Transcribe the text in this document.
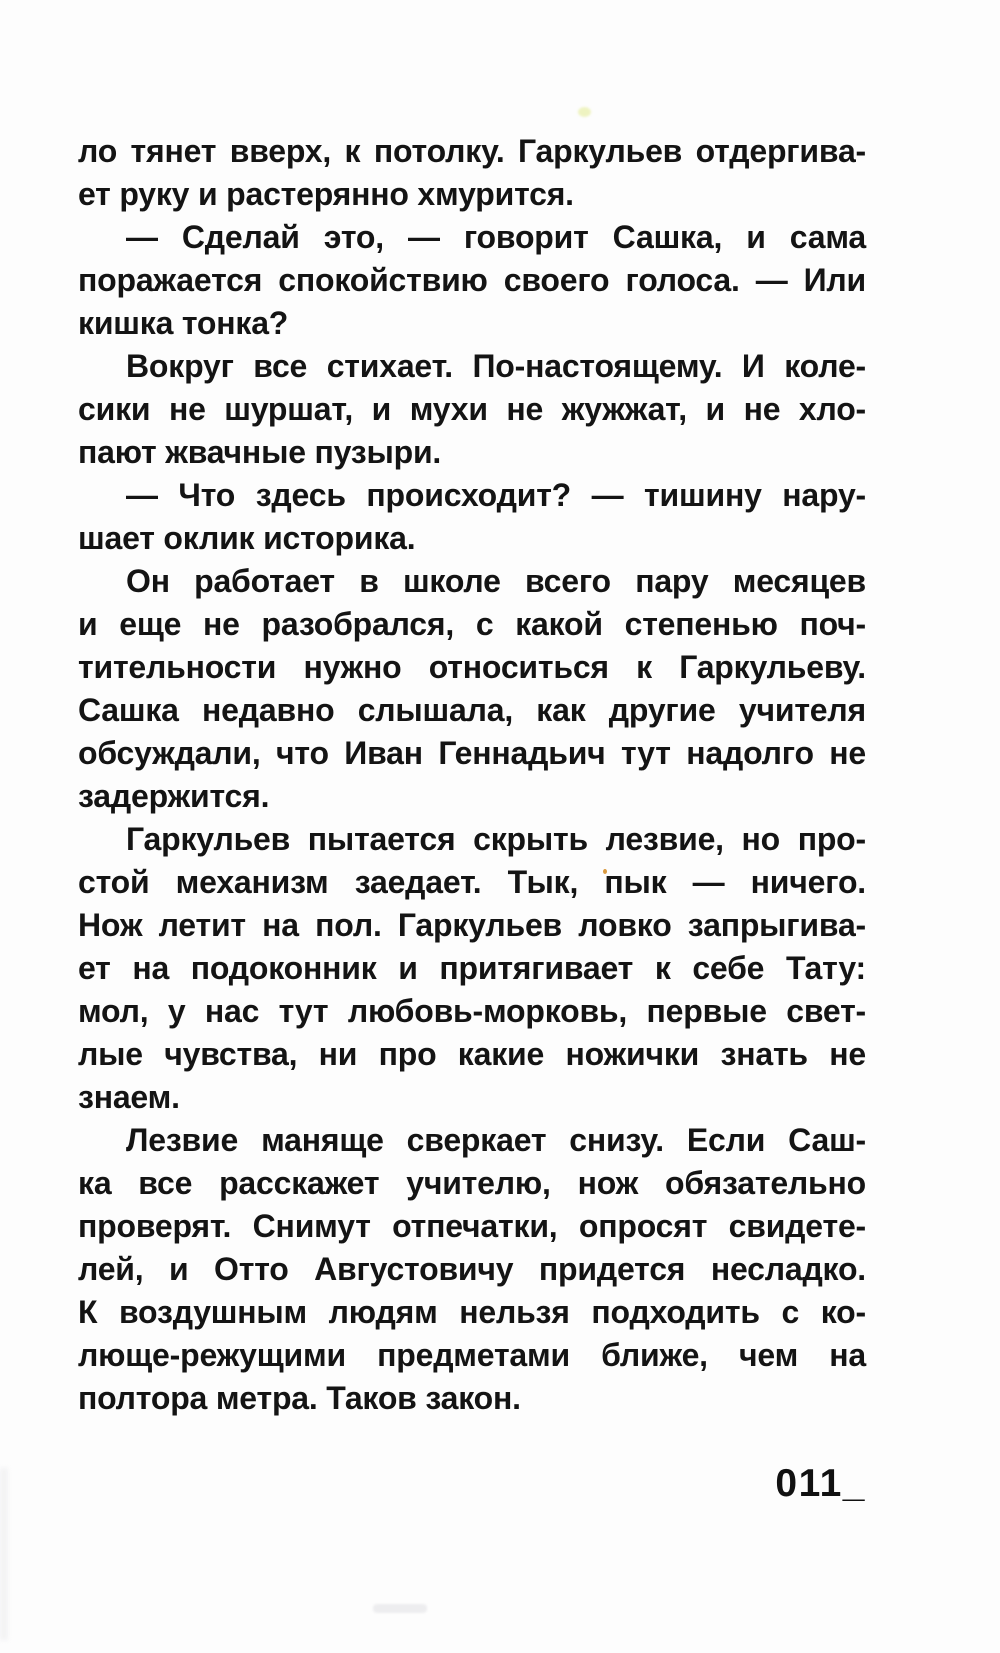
ло тянет вверх, к потолку. Гаркульев отдергива-
ет руку и растерянно хмурится.
— Сделай это, — говорит Сашка, и сама
поражается спокойствию своего голоса. — Или
кишка тонка?
Вокруг все стихает. По-настоящему. И коле-
сики не шуршат, и мухи не жужжат, и не хло-
пают жвачные пузыри.
— Что здесь происходит? — тишину нару-
шает оклик историка.
Он работает в школе всего пару месяцев
и еще не разобрался, с какой степенью поч-
тительности нужно относиться к Гаркульеву.
Сашка недавно слышала, как другие учителя
обсуждали, что Иван Геннадьич тут надолго не
задержится.
Гаркульев пытается скрыть лезвие, но про-
стой механизм заедает. Тык, пык — ничего.
Нож летит на пол. Гаркульев ловко запрыгива-
ет на подоконник и притягивает к себе Тату:
мол, у нас тут любовь-морковь, первые свет-
лые чувства, ни про какие ножички знать не
знаем.
Лезвие маняще сверкает снизу. Если Саш-
ка все расскажет учителю, нож обязательно
проверят. Снимут отпечатки, опросят свидете-
лей, и Отто Августовичу придется несладко.
К воздушным людям нельзя подходить с ко-
люще-режущими предметами ближе, чем на
полтора метра. Таков закон.
011_
